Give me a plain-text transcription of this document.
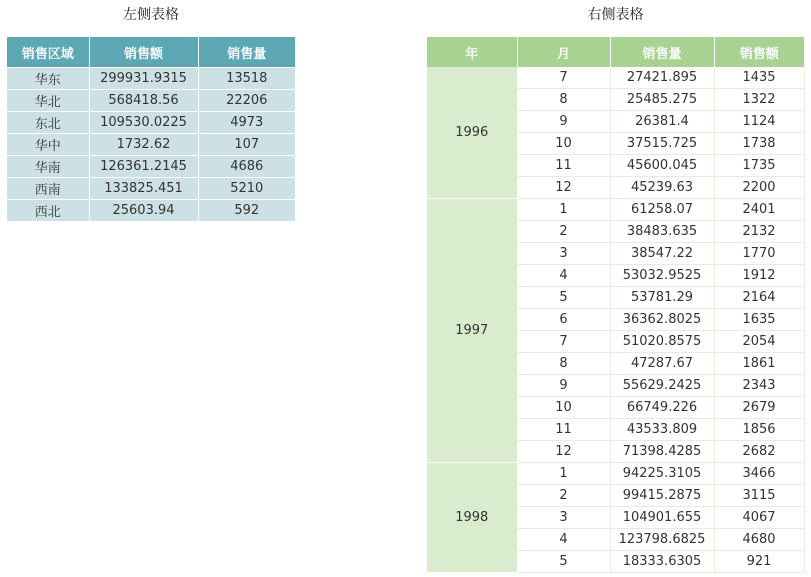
左侧表格	右侧表格
销售区域	销售额	销售量
华东	299931.9315	13518
华北	568418.56	22206
东北	109530.0225	4973
华中	1732.62	107
华南	126361.2145	4686
西南	133825.451	5210
西北	25603.94	592
年	月	销售量	销售额
1996	7	27421.895	1435
	8	25485.275	1322
	9	26381.4	1124
	10	37515.725	1738
	11	45600.045	1735
	12	45239.63	2200
1997	1	61258.07	2401
	2	38483.635	2132
	3	38547.22	1770
	4	53032.9525	1912
	5	53781.29	2164
	6	36362.8025	1635
	7	51020.8575	2054
	8	47287.67	1861
	9	55629.2425	2343
	10	66749.226	2679
	11	43533.809	1856
	12	71398.4285	2682
1998	1	94225.3105	3466
	2	99415.2875	3115
	3	104901.655	4067
	4	123798.6825	4680
	5	18333.6305	921
